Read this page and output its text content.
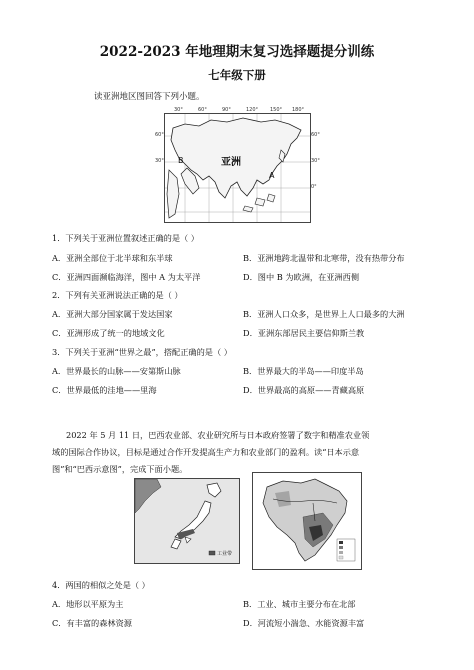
2022-2023 年地理期末复习选择题提分训练
七年级下册
读亚洲地区图回答下列小题。
亚洲
A
B
30°	60°	90°	120° 150° 180°
60°
30°
60°
30°
0°
1．下列关于亚洲位置叙述正确的是（ ）
A．亚洲全部位于北半球和东半球	B．亚洲地跨北温带和北寒带，没有热带分布
C．亚洲四面濒临海洋，图中 A 为太平洋	D．图中 B 为欧洲，在亚洲西侧
2．下列有关亚洲说法正确的是（ ）
A．亚洲大部分国家属于发达国家	B．亚洲人口众多，是世界上人口最多的大洲
C．亚洲形成了统一的地域文化	D．亚洲东部居民主要信仰斯兰教
3．下列关于亚洲“世界之最”，搭配正确的是（ ）
A．世界最长的山脉——安第斯山脉	B．世界最大的半岛——印度半岛
C．世界最低的洼地——里海	D．世界最高的高原——青藏高原
2022 年 5 月 11 日，巴西农业部、农业研究所与日本政府签署了数字和精准农业领
域的国际合作协议，目标是通过合作开发提高生产力和农业部门的盈利。读“日本示意
图”和“巴西示意图”，完成下面小题。
工业带
4．两国的相似之处是（ ）
A．地形以平原为主	B．工业、城市主要分布在北部
C．有丰富的森林资源	D．河流短小湍急、水能资源丰富
